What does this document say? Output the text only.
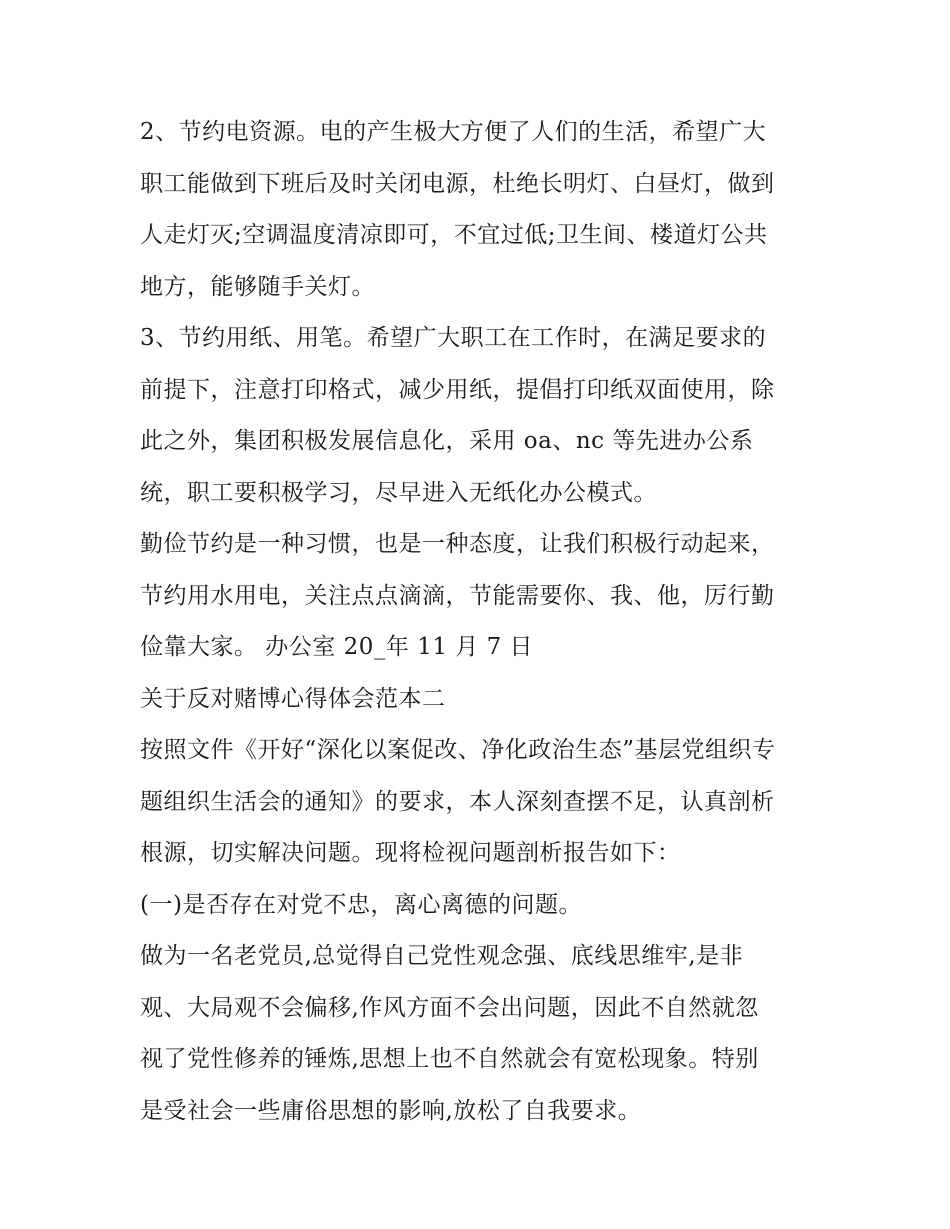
2、节约电资源。电的产生极大方便了人们的生活，希望广大
职工能做到下班后及时关闭电源，杜绝长明灯、白昼灯，做到
人走灯灭;空调温度清凉即可，不宜过低;卫生间、楼道灯公共
地方，能够随手关灯。
3、节约用纸、用笔。希望广大职工在工作时，在满足要求的
前提下，注意打印格式，减少用纸，提倡打印纸双面使用，除
此之外，集团积极发展信息化，采用 oa、nc 等先进办公系
统，职工要积极学习，尽早进入无纸化办公模式。
勤俭节约是一种习惯，也是一种态度，让我们积极行动起来，
节约用水用电，关注点点滴滴，节能需要你、我、他，厉行勤
俭靠大家。 办公室 20_年 11 月 7 日
关于反对赌博心得体会范本二
按照文件《开好“深化以案促改、净化政治生态”基层党组织专
题组织生活会的通知》的要求，本人深刻查摆不足，认真剖析
根源，切实解决问题。现将检视问题剖析报告如下：
(一)是否存在对党不忠，离心离德的问题。
做为一名老党员,总觉得自己党性观念强、底线思维牢,是非
观、大局观不会偏移,作风方面不会出问题，因此不自然就忽
视了党性修养的锤炼,思想上也不自然就会有宽松现象。特别
是受社会一些庸俗思想的影响,放松了自我要求。
